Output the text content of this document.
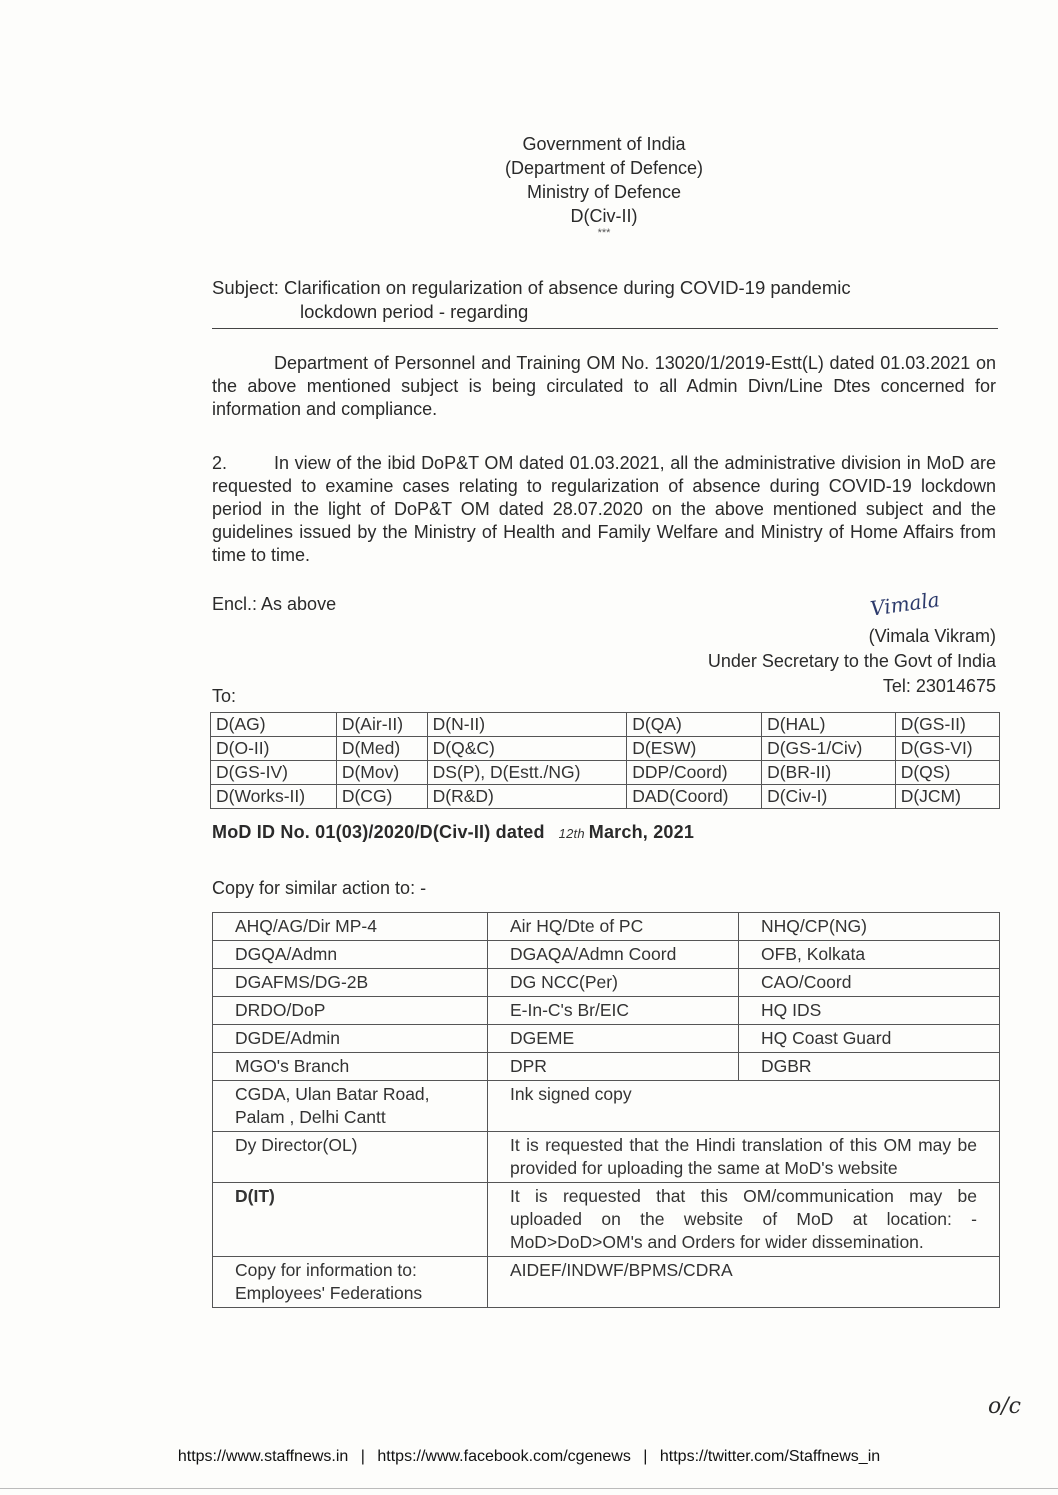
Government of India
(Department of Defence)
Ministry of Defence
D(Civ-II)
***
Subject: Clarification on regularization of absence during COVID-19 pandemic
lockdown period - regarding
Department of Personnel and Training OM No. 13020/1/2019-Estt(L) dated 01.03.2021 on the above mentioned subject is being circulated to all Admin Divn/Line Dtes concerned for information and compliance.
2.	In view of the ibid DoP&T OM dated 01.03.2021, all the administrative division in MoD are requested to examine cases relating to regularization of absence during COVID-19 lockdown period in the light of DoP&T OM dated 28.07.2020 on the above mentioned subject and the guidelines issued by the Ministry of Health and Family Welfare and Ministry of Home Affairs from time to time.
Encl.: As above	Vimala
(Vimala Vikram)
Under Secretary to the Govt of India
Tel: 23014675
To:
D(AG)	D(Air-II)	D(N-II)	D(QA)	D(HAL)	D(GS-II)
D(O-II)	D(Med)	D(Q&C)	D(ESW)	D(GS-1/Civ)	D(GS-VI)
D(GS-IV)	D(Mov)	DS(P), D(Estt./NG)	DDP/Coord)	D(BR-II)	D(QS)
D(Works-II)	D(CG)	D(R&D)	DAD(Coord)	D(Civ-I)	D(JCM)
MoD ID No. 01(03)/2020/D(Civ-II) dated 12th March, 2021
Copy for similar action to: -
AHQ/AG/Dir MP-4	Air HQ/Dte of PC	NHQ/CP(NG)
DGQA/Admn	DGAQA/Admn Coord	OFB, Kolkata
DGAFMS/DG-2B	DG NCC(Per)	CAO/Coord
DRDO/DoP	E-In-C's Br/EIC	HQ IDS
DGDE/Admin	DGEME	HQ Coast Guard
MGO's Branch	DPR	DGBR
CGDA, Ulan Batar Road, Palam , Delhi Cantt	Ink signed copy	
Dy Director(OL)	It is requested that the Hindi translation of this OM may be provided for uploading the same at MoD's website	
D(IT)	It is requested that this OM/communication may be uploaded on the website of MoD at location: - MoD>DoD>OM's and Orders for wider dissemination.	
Copy for information to: Employees' Federations	AIDEF/INDWF/BPMS/CDRA	
o/c
https://www.staffnews.in | https://www.facebook.com/cgenews | https://twitter.com/Staffnews_in
